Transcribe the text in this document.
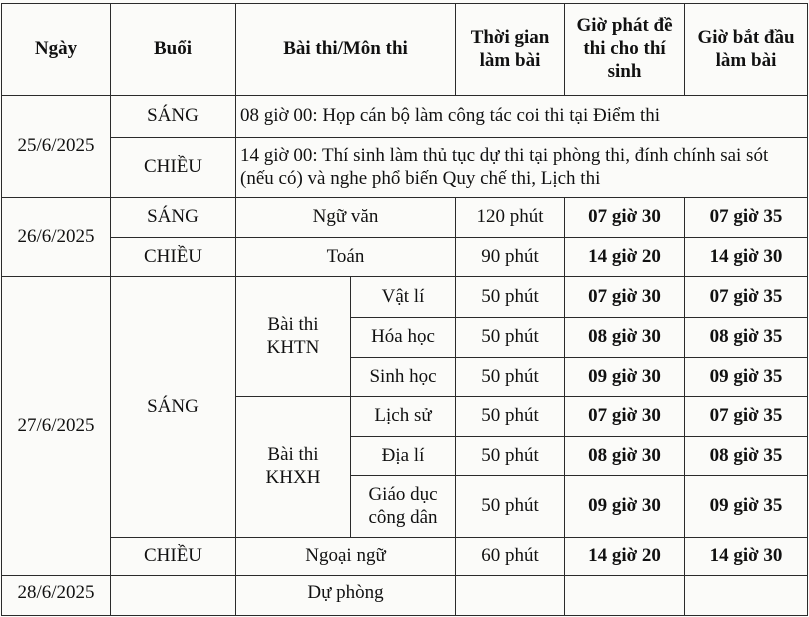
Ngày	Buổi	Bài thi/Môn thi		Thời gian làm bài	Giờ phát đề thi cho thí sinh	Giờ bắt đầu làm bài
25/6/2025	SÁNG	08 giờ 00: Họp cán bộ làm công tác coi thi tại Điểm thi				
	CHIỀU	14 giờ 00: Thí sinh làm thủ tục dự thi tại phòng thi, đính chính sai sót (nếu có) và nghe phổ biến Quy chế thi, Lịch thi				
26/6/2025	SÁNG	Ngữ văn		120 phút	07 giờ 30	07 giờ 35
	CHIỀU	Toán		90 phút	14 giờ 20	14 giờ 30
27/6/2025	SÁNG	Bài thi KHTN	Vật lí	50 phút	07 giờ 30	07 giờ 35
			Hóa học	50 phút	08 giờ 30	08 giờ 35
			Sinh học	50 phút	09 giờ 30	09 giờ 35
		Bài thi KHXH	Lịch sử	50 phút	07 giờ 30	07 giờ 35
			Địa lí	50 phút	08 giờ 30	08 giờ 35
			Giáo dục công dân	50 phút	09 giờ 30	09 giờ 35
	CHIỀU	Ngoại ngữ		60 phút	14 giờ 20	14 giờ 30
28/6/2025		Dự phòng				
